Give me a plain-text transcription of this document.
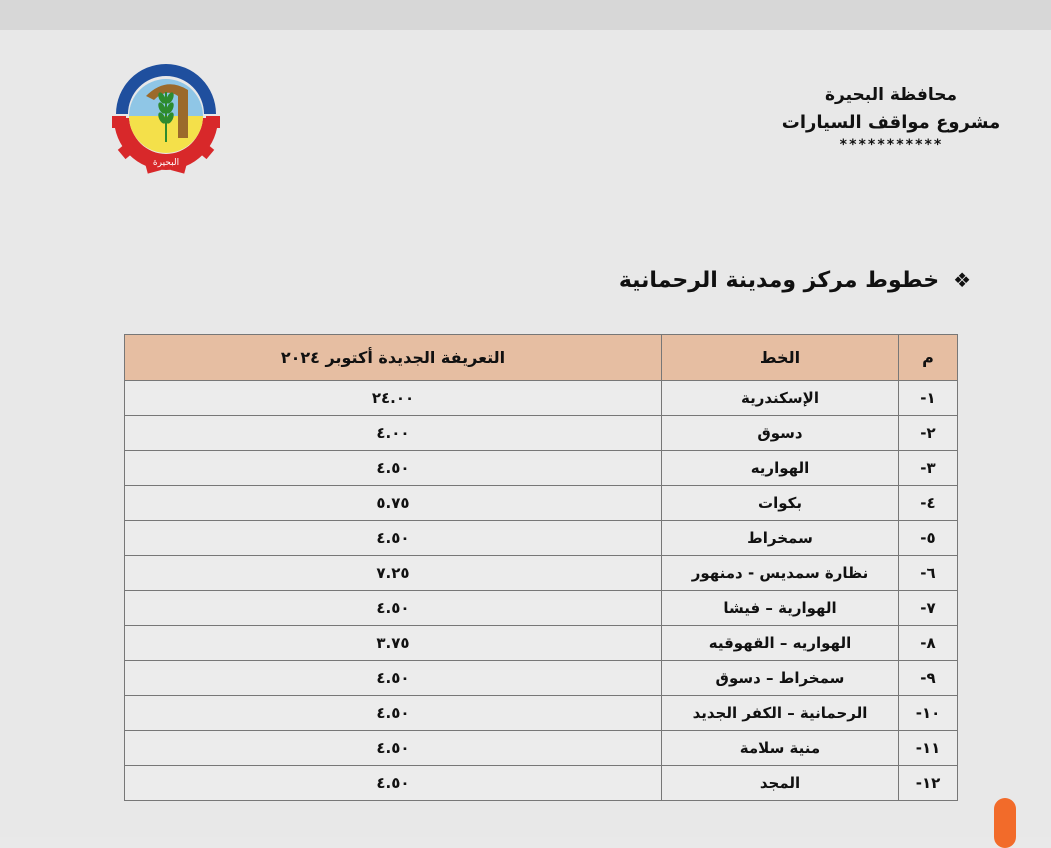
البحيرة
محافظة البحيرة
مشروع مواقف السيارات
***********
❖خطوط مركز ومدينة الرحمانية
م	الخط	التعريفة الجديدة أكتوبر ٢٠٢٤
١-	الإسكندرية	٢٤.٠٠
٢-	دسوق	٤.٠٠
٣-	الهواريه	٤.٥٠
٤-	بكوات	٥.٧٥
٥-	سمخراط	٤.٥٠
٦-	نظارة سمديس - دمنهور	٧.٢٥
٧-	الهوارية – فيشا	٤.٥٠
٨-	الهواريه – القهوقيه	٣.٧٥
٩-	سمخراط – دسوق	٤.٥٠
١٠-	الرحمانية – الكفر الجديد	٤.٥٠
١١-	منية سلامة	٤.٥٠
١٢-	المجد	٤.٥٠
